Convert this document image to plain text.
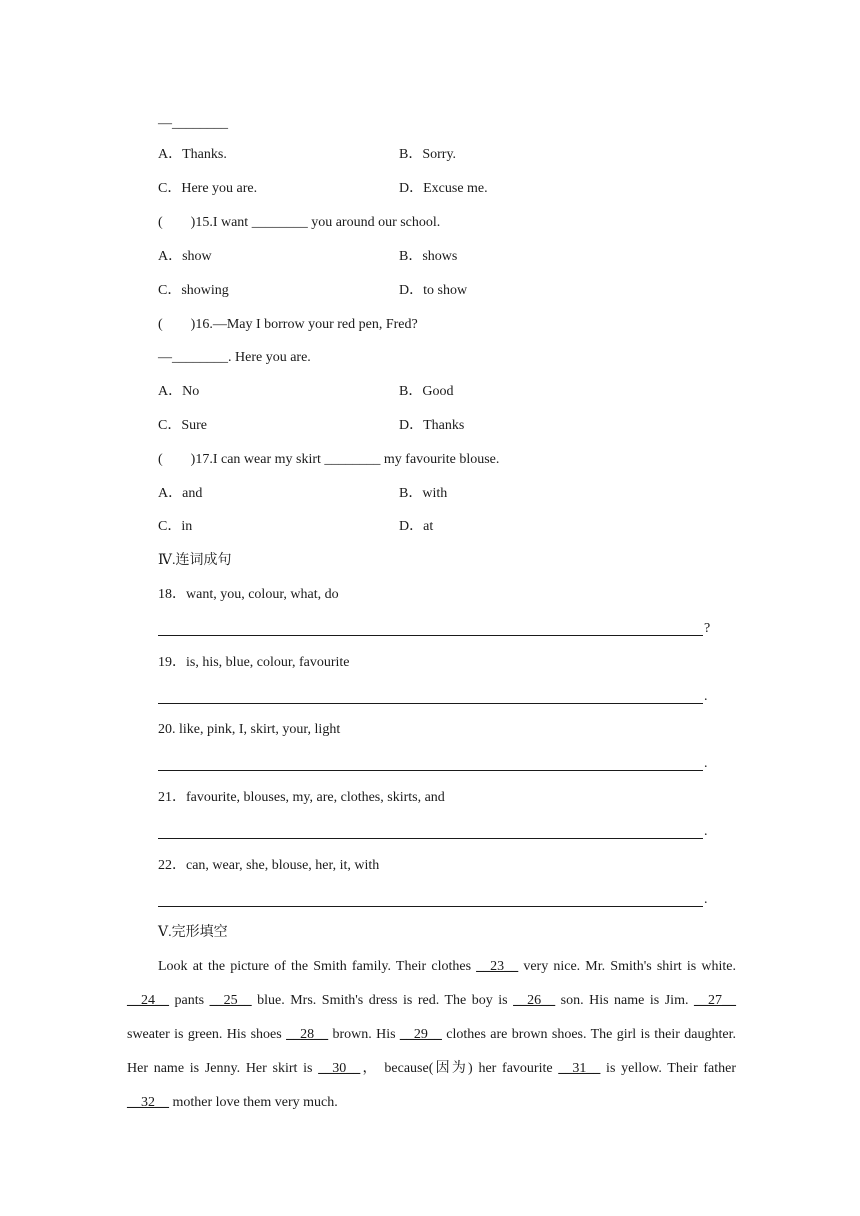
—________
A．Thanks.	B．Sorry.
C．Here you are.	D．Excuse me.
(        )15.I want ________ you around our school.
A．show	B．shows
C．showing	D．to show
(        )16.—May I borrow your red pen, Fred?
—________. Here you are.
A．No	B．Good
C．Sure	D．Thanks
(        )17.I can wear my skirt ________ my favourite blouse.
A．and	B．with
C．in	D．at
Ⅳ.连词成句
18．want, you, colour, what, do
?
19．is, his, blue, colour, favourite
.
20. like, pink, I, skirt, your, light
.
21．favourite, blouses, my, are, clothes, skirts, and
.
22．can, wear, she, blouse, her, it, with
.
Ⅴ.完形填空
Look at the picture of the Smith family. Their clothes __23__ very nice. Mr. Smith's shirt is white. __24__ pants __25__ blue. Mrs. Smith's dress is red. The boy is __26__ son. His name is Jim. __27__ sweater is green. His shoes __28__ brown. His __29__ clothes are brown shoes. The girl is their daughter. Her name is Jenny. Her skirt is __30__， because(因为) her favourite __31__ is yellow. Their father __32__ mother love them very much.
